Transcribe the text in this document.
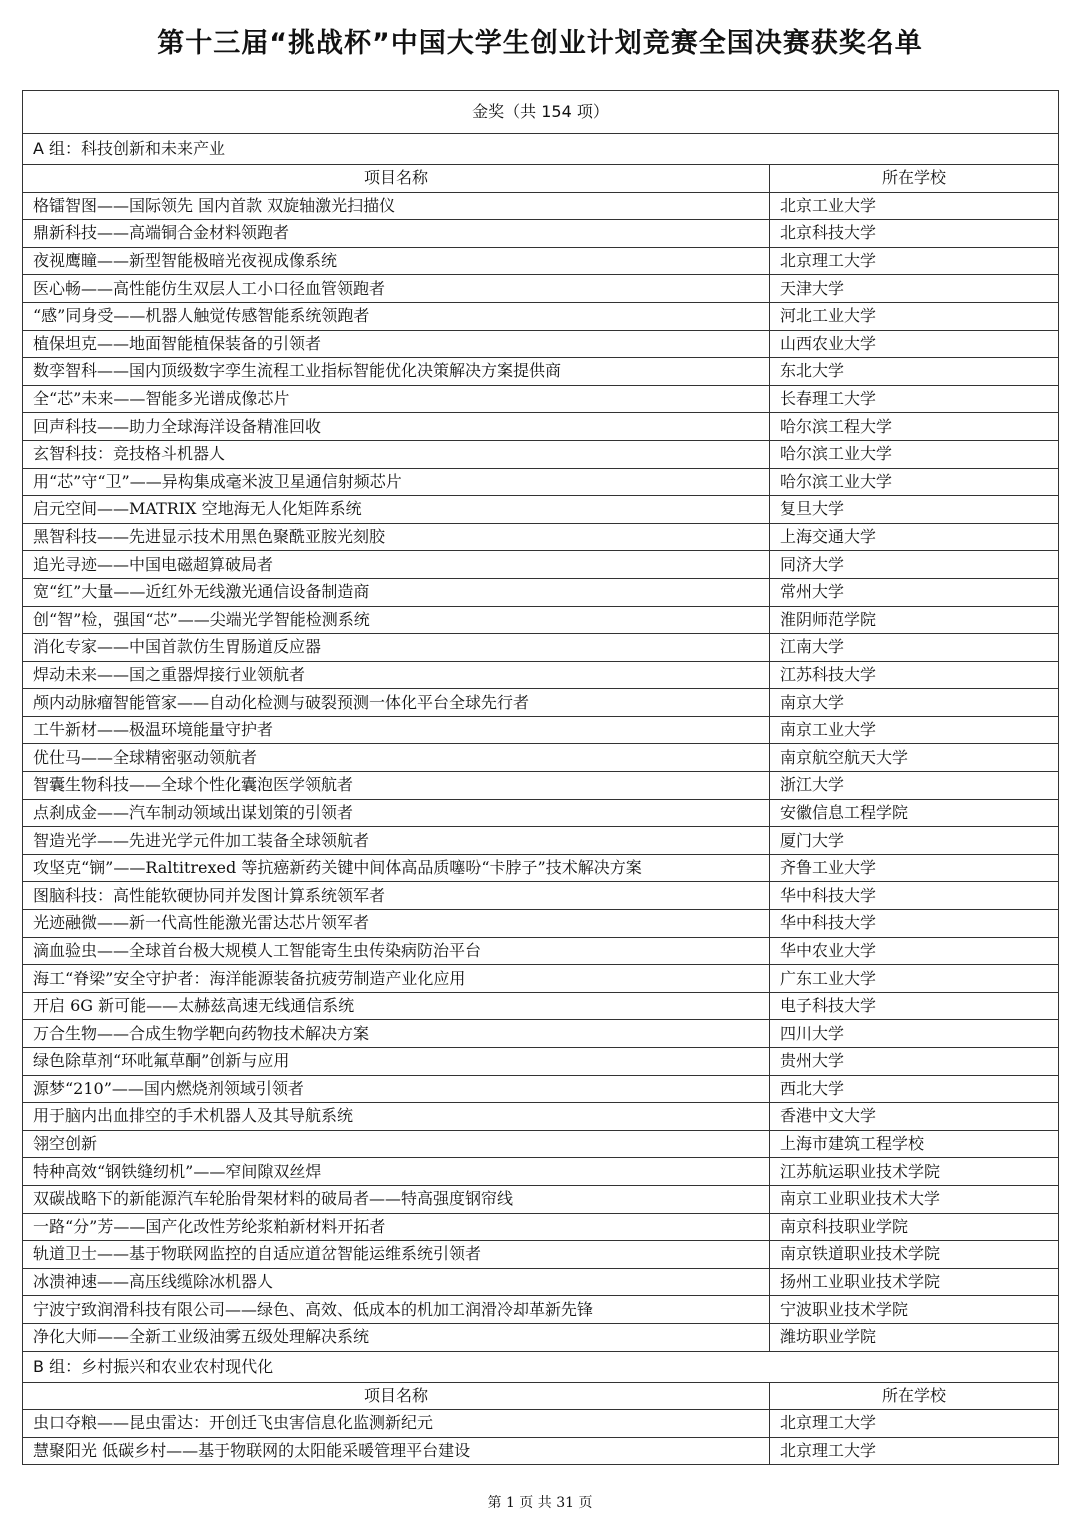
第十三届“挑战杯”中国大学生创业计划竞赛全国决赛获奖名单
金奖（共 154 项）	
A 组：科技创新和未来产业	
项目名称	所在学校
格镭智图——国际领先 国内首款 双旋轴激光扫描仪	北京工业大学
鼎新科技——高端铜合金材料领跑者	北京科技大学
夜视鹰瞳——新型智能极暗光夜视成像系统	北京理工大学
医心畅——高性能仿生双层人工小口径血管领跑者	天津大学
“感”同身受——机器人触觉传感智能系统领跑者	河北工业大学
植保坦克——地面智能植保装备的引领者	山西农业大学
数孪智科——国内顶级数字孪生流程工业指标智能优化决策解决方案提供商	东北大学
全“芯”未来——智能多光谱成像芯片	长春理工大学
回声科技——助力全球海洋设备精准回收	哈尔滨工程大学
玄智科技：竞技格斗机器人	哈尔滨工业大学
用“芯”守“卫”——异构集成毫米波卫星通信射频芯片	哈尔滨工业大学
启元空间——MATRIX 空地海无人化矩阵系统	复旦大学
黑智科技——先进显示技术用黑色聚酰亚胺光刻胶	上海交通大学
追光寻迹——中国电磁超算破局者	同济大学
宽“红”大量——近红外无线激光通信设备制造商	常州大学
创“智”检，强国“芯”——尖端光学智能检测系统	淮阴师范学院
消化专家——中国首款仿生胃肠道反应器	江南大学
焊动未来——国之重器焊接行业领航者	江苏科技大学
颅内动脉瘤智能管家——自动化检测与破裂预测一体化平台全球先行者	南京大学
工牛新材——极温环境能量守护者	南京工业大学
优仕马——全球精密驱动领航者	南京航空航天大学
智囊生物科技——全球个性化囊泡医学领航者	浙江大学
点刹成金——汽车制动领域出谋划策的引领者	安徽信息工程学院
智造光学——先进光学元件加工装备全球领航者	厦门大学
攻坚克“锎”——Raltitrexed 等抗癌新药关键中间体高品质噻吩“卡脖子”技术解决方案	齐鲁工业大学
图脑科技：高性能软硬协同并发图计算系统领军者	华中科技大学
光迹融微——新一代高性能激光雷达芯片领军者	华中科技大学
滴血验虫——全球首台极大规模人工智能寄生虫传染病防治平台	华中农业大学
海工“脊梁”安全守护者：海洋能源装备抗疲劳制造产业化应用	广东工业大学
开启 6G 新可能——太赫兹高速无线通信系统	电子科技大学
万合生物——合成生物学靶向药物技术解决方案	四川大学
绿色除草剂“环吡氟草酮”创新与应用	贵州大学
源梦“210”——国内燃烧剂领域引领者	西北大学
用于脑内出血排空的手术机器人及其导航系统	香港中文大学
翎空创新	上海市建筑工程学校
特种高效“钢铁缝纫机”——窄间隙双丝焊	江苏航运职业技术学院
双碳战略下的新能源汽车轮胎骨架材料的破局者——特高强度钢帘线	南京工业职业技术大学
一路“分”芳——国产化改性芳纶浆粕新材料开拓者	南京科技职业学院
轨道卫士——基于物联网监控的自适应道岔智能运维系统引领者	南京铁道职业技术学院
冰溃神速——高压线缆除冰机器人	扬州工业职业技术学院
宁波宁致润滑科技有限公司——绿色、高效、低成本的机加工润滑冷却革新先锋	宁波职业技术学院
净化大师——全新工业级油雾五级处理解决系统	潍坊职业学院
B 组：乡村振兴和农业农村现代化	
项目名称	所在学校
虫口夺粮——昆虫雷达：开创迁飞虫害信息化监测新纪元	北京理工大学
慧聚阳光 低碳乡村——基于物联网的太阳能采暖管理平台建设	北京理工大学
第 1 页 共 31 页
